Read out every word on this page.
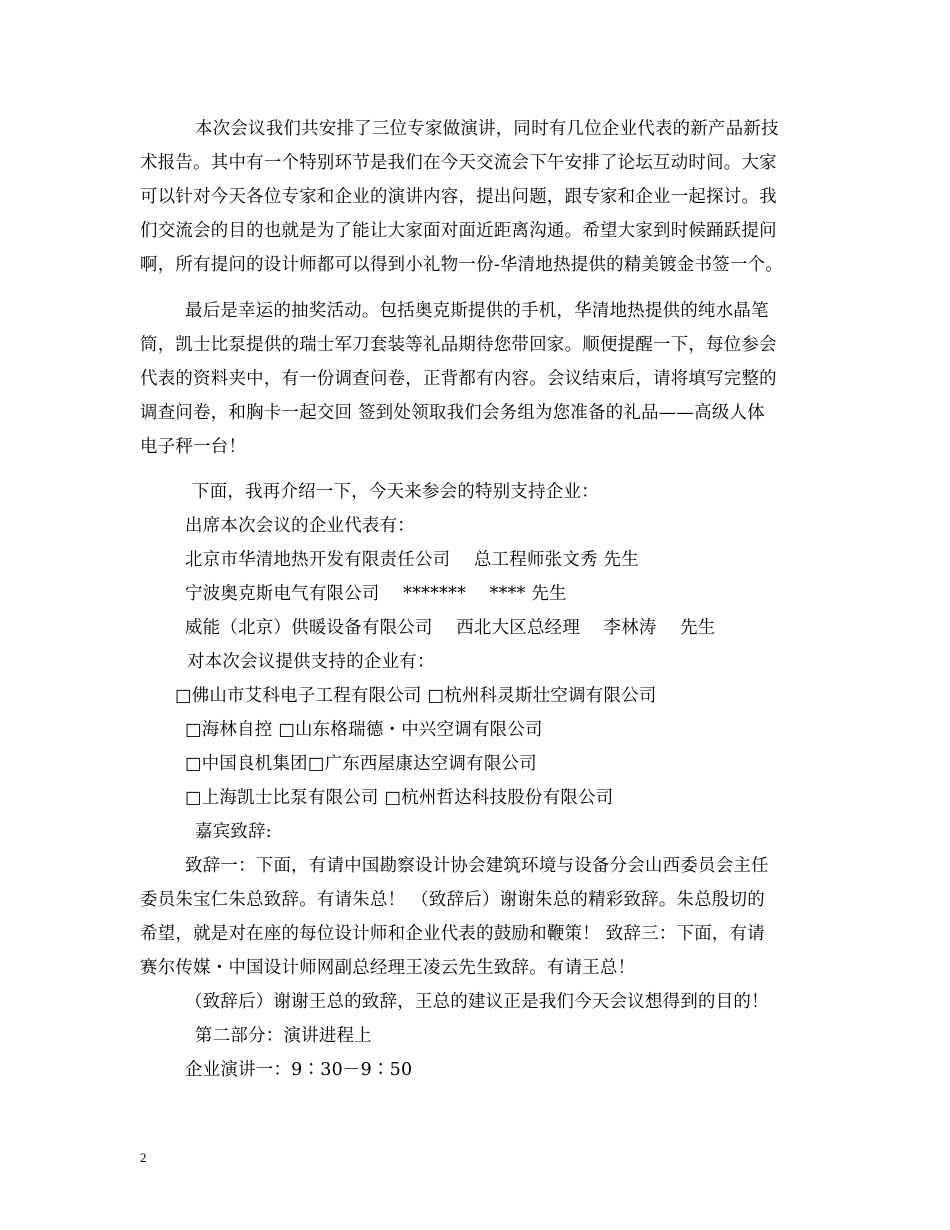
本次会议我们共安排了三位专家做演讲，同时有几位企业代表的新产品新技
术报告。其中有一个特别环节是我们在今天交流会下午安排了论坛互动时间。大家
可以针对今天各位专家和企业的演讲内容，提出问题，跟专家和企业一起探讨。我
们交流会的目的也就是为了能让大家面对面近距离沟通。希望大家到时候踊跃提问
啊，所有提问的设计师都可以得到小礼物一份-华清地热提供的精美镀金书签一个。
最后是幸运的抽奖活动。包括奥克斯提供的手机，华清地热提供的纯水晶笔
筒，凯士比泵提供的瑞士军刀套装等礼品期待您带回家。顺便提醒一下，每位参会
代表的资料夹中，有一份调查问卷，正背都有内容。会议结束后，请将填写完整的
调查问卷，和胸卡一起交回 签到处领取我们会务组为您准备的礼品——高级人体
电子秤一台！
下面，我再介绍一下，今天来参会的特别支持企业：
出席本次会议的企业代表有：
北京市华清地热开发有限责任公司　 总工程师张文秀 先生
宁波奥克斯电气有限公司　 *******　 **** 先生
威能（北京）供暖设备有限公司　 西北大区总经理　 李林涛　 先生
对本次会议提供支持的企业有：
□佛山市艾科电子工程有限公司 □杭州科灵斯壮空调有限公司
□海林自控 □山东格瑞德・中兴空调有限公司
□中国良机集团□广东西屋康达空调有限公司
□上海凯士比泵有限公司 □杭州哲达科技股份有限公司
嘉宾致辞:
致辞一：下面，有请中国勘察设计协会建筑环境与设备分会山西委员会主任
委员朱宝仁朱总致辞。有请朱总！ （致辞后）谢谢朱总的精彩致辞。朱总殷切的
希望，就是对在座的每位设计师和企业代表的鼓励和鞭策！ 致辞三：下面，有请
赛尔传媒・中国设计师网副总经理王凌云先生致辞。有请王总！
（致辞后）谢谢王总的致辞，王总的建议正是我们今天会议想得到的目的！
第二部分：演讲进程上
企业演讲一：9∶30－9∶50
2
